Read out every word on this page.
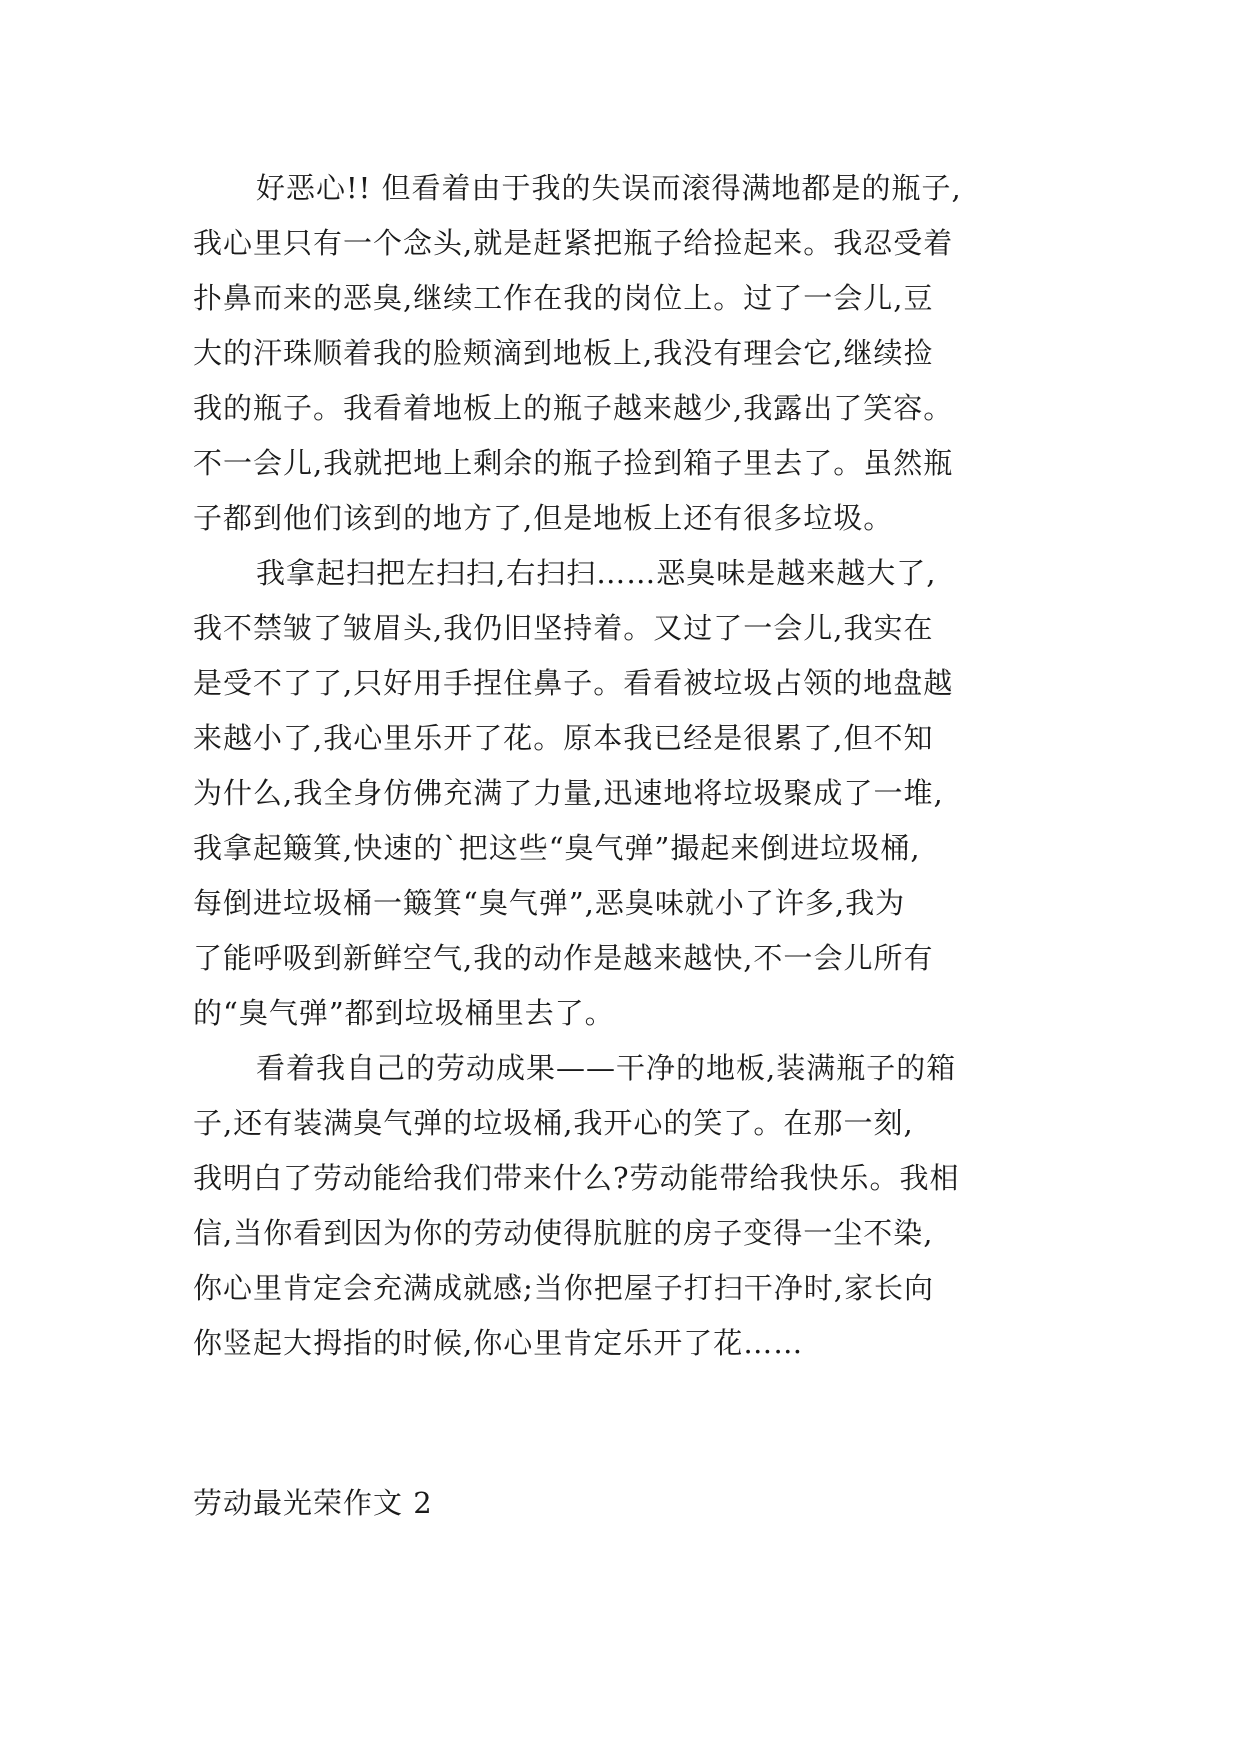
好恶心!! 但看着由于我的失误而滚得满地都是的瓶子,
我心里只有一个念头,就是赶紧把瓶子给捡起来。我忍受着
扑鼻而来的恶臭,继续工作在我的岗位上。过了一会儿,豆
大的汗珠顺着我的脸颊滴到地板上,我没有理会它,继续捡
我的瓶子。我看着地板上的瓶子越来越少,我露出了笑容。
不一会儿,我就把地上剩余的瓶子捡到箱子里去了。虽然瓶
子都到他们该到的地方了,但是地板上还有很多垃圾。
我拿起扫把左扫扫,右扫扫……恶臭味是越来越大了,
我不禁皱了皱眉头,我仍旧坚持着。又过了一会儿,我实在
是受不了了,只好用手捏住鼻子。看看被垃圾占领的地盘越
来越小了,我心里乐开了花。原本我已经是很累了,但不知
为什么,我全身仿佛充满了力量,迅速地将垃圾聚成了一堆,
我拿起簸箕,快速的`把这些“臭气弹”撮起来倒进垃圾桶,
每倒进垃圾桶一簸箕“臭气弹”,恶臭味就小了许多,我为
了能呼吸到新鲜空气,我的动作是越来越快,不一会儿所有
的“臭气弹”都到垃圾桶里去了。
看着我自己的劳动成果——干净的地板,装满瓶子的箱
子,还有装满臭气弹的垃圾桶,我开心的笑了。在那一刻,
我明白了劳动能给我们带来什么?劳动能带给我快乐。我相
信,当你看到因为你的劳动使得肮脏的房子变得一尘不染,
你心里肯定会充满成就感;当你把屋子打扫干净时,家长向
你竖起大拇指的时候,你心里肯定乐开了花……
劳动最光荣作文 2
